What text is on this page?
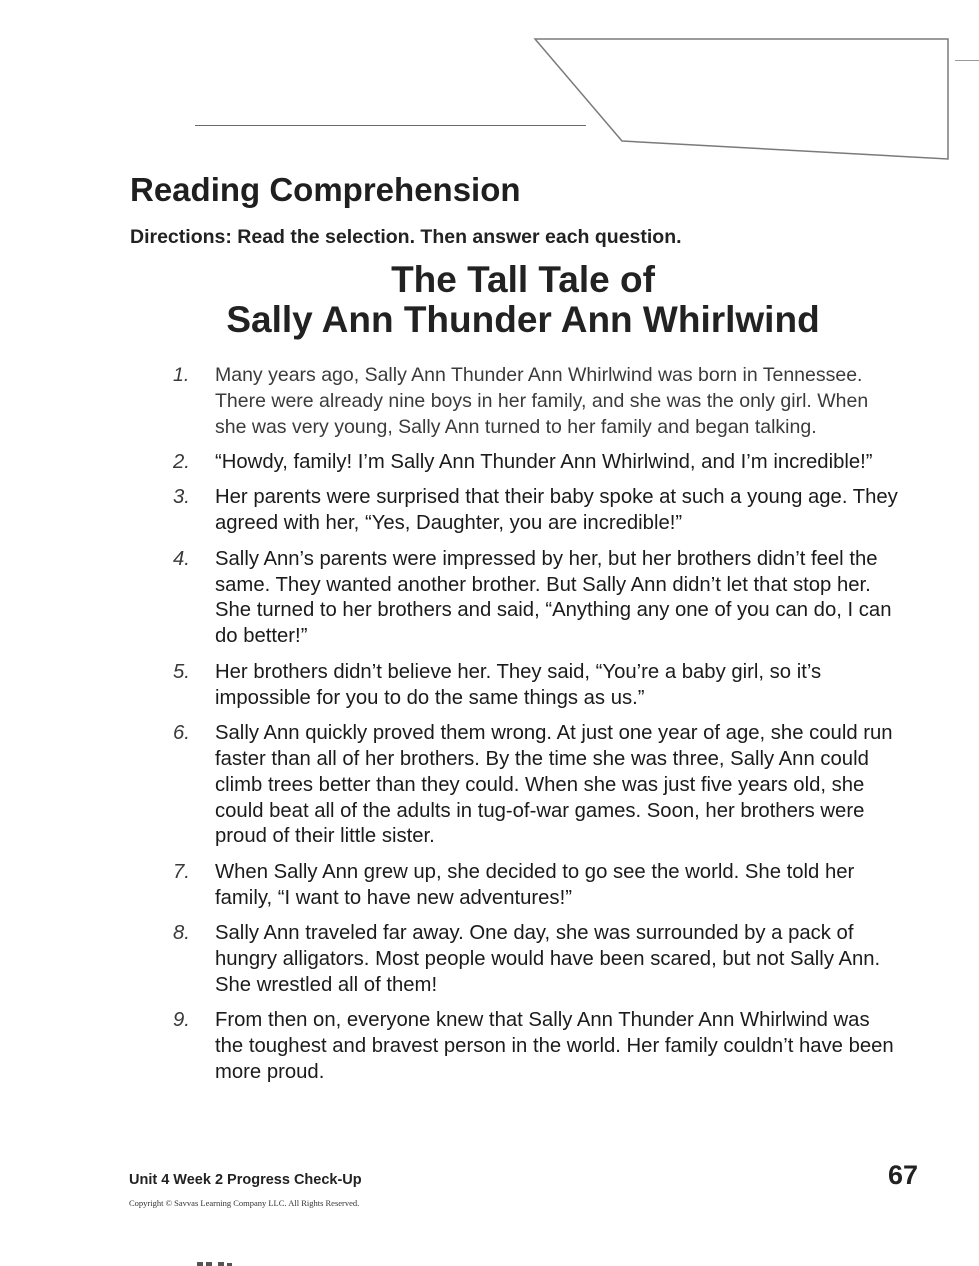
Reading Comprehension

Directions: Read the selection. Then answer each question.

The Tall Tale of
Sally Ann Thunder Ann Whirlwind
1.	Many years ago, Sally Ann Thunder Ann Whirlwind was born in Tennessee. There were already nine boys in her family, and she was the only girl. When she was very young, Sally Ann turned to her family and began talking.
2.	“Howdy, family! I’m Sally Ann Thunder Ann Whirlwind, and I’m incredible!”
3.	Her parents were surprised that their baby spoke at such a young age. They agreed with her, “Yes, Daughter, you are incredible!”
4.	Sally Ann’s parents were impressed by her, but her brothers didn’t feel the same. They wanted another brother. But Sally Ann didn’t let that stop her. She turned to her brothers and said, “Anything any one of you can do, I can do better!”
5.	Her brothers didn’t believe her. They said, “You’re a baby girl, so it’s impossible for you to do the same things as us.”
6.	Sally Ann quickly proved them wrong. At just one year of age, she could run faster than all of her brothers. By the time she was three, Sally Ann could climb trees better than they could. When she was just five years old, she could beat all of the adults in tug-of-war games. Soon, her brothers were proud of their little sister.
7.	When Sally Ann grew up, she decided to go see the world. She told her family, “I want to have new adventures!”
8.	Sally Ann traveled far away. One day, she was surrounded by a pack of hungry alligators. Most people would have been scared, but not Sally Ann. She wrestled all of them!
9.	From then on, everyone knew that Sally Ann Thunder Ann Whirlwind was the toughest and bravest person in the world. Her family couldn’t have been more proud.

Unit 4 Week 2 Progress Check-Up

Copyright © Savvas Learning Company LLC. All Rights Reserved.

67
